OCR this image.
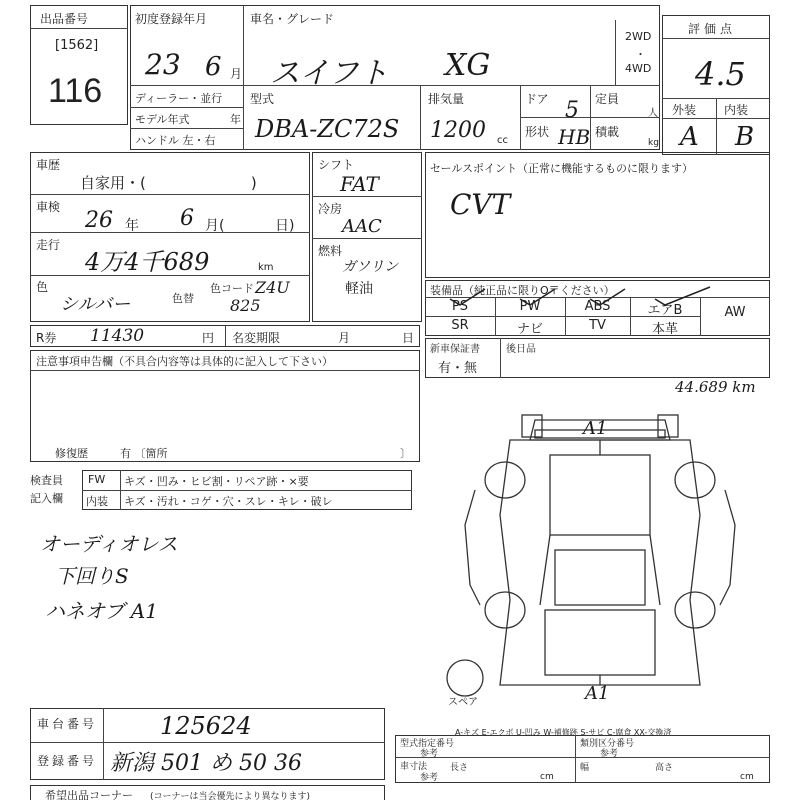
出品番号
[1562]
116
初度登録年月
23 6 月
車名・グレード
スイフト XG
2WD
・
4WD
ディーラー・並行
モデル年式	年
ハンドル 左・右
型式
DBA-ZC72S
排気量
1200 cc
ドア 5 定員
人
形状 HB 積載
kg
評価点
4.5
外装 内装
A B
車歴
自家用・(　　　　　　　)
車検
26 年 6 月(	日)
走行
4万4千689	km
色
シルバー	色替
色コード Z4U
825
シフト
FAT
冷房
AAC
燃料
ガソリン
軽油
セールスポイント（正常に機能するものに限ります）
CVT
装備品（純正品に限りO〒ください）
PS	PW	ABS	エアB	AW
SR	ナビ	TV	本革
R券 11430	円 名変期限	月	日
新車保証書
有・無
後日品
44.689 km
注意事項申告欄（不具合内容等は具体的に記入して下さい）
修復歴	有 〔箇所	〕
検査員
記入欄
FW キズ・凹み・ヒビ割・リペア跡・×要
内装 キズ・汚れ・コゲ・穴・スレ・キレ・破レ
オーディオレス
下回りS
ハネオブ A1
A1
A1
スペア
車台番号	125624
登録番号 新潟 501 め 50 36
A-キズ E-エクボ U-凹み W-補修跡 S-サビ C-腐食 XX-交換済
型式指定番号
参考
類別区分番号
参考
車寸法
参考
長さ
cm
幅	高さ
cm
希望出品コーナー (コーナーは当会優先により異なります)
